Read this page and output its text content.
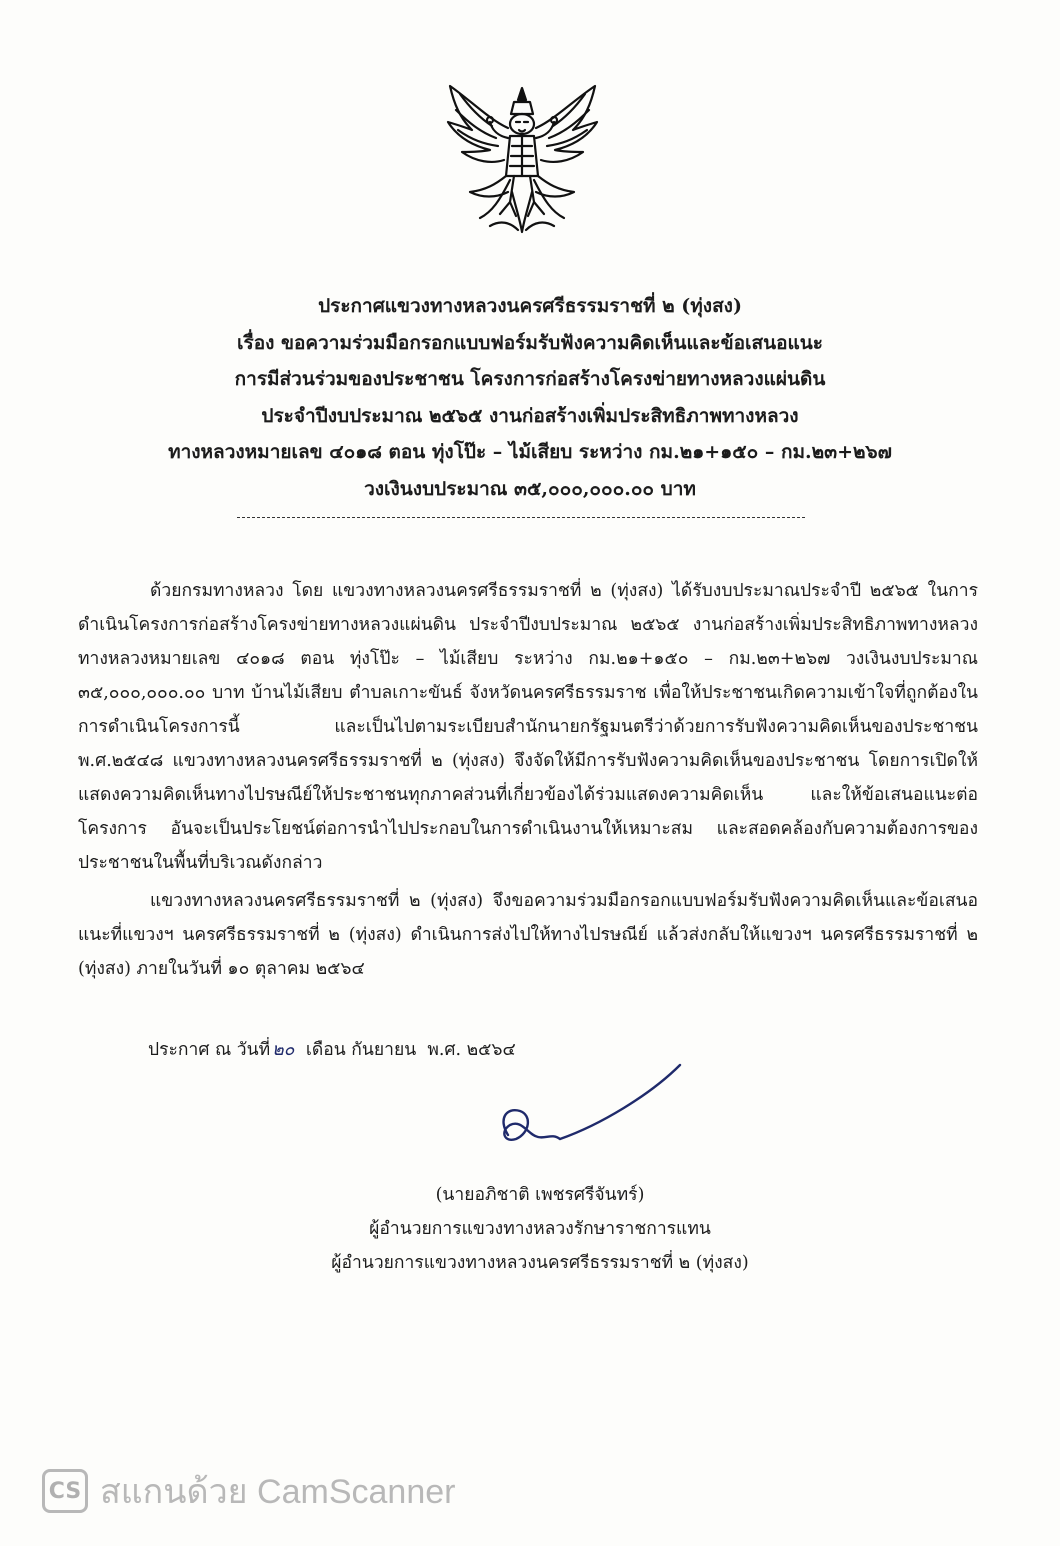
ประกาศแขวงทางหลวงนครศรีธรรมราชที่ ๒ (ทุ่งสง)
เรื่อง ขอความร่วมมือกรอกแบบฟอร์มรับฟังความคิดเห็นและข้อเสนอแนะ
การมีส่วนร่วมของประชาชน โครงการก่อสร้างโครงข่ายทางหลวงแผ่นดิน
ประจำปีงบประมาณ ๒๕๖๕ งานก่อสร้างเพิ่มประสิทธิภาพทางหลวง
ทางหลวงหมายเลข ๔๐๑๘ ตอน ทุ่งโป๊ะ – ไม้เสียบ ระหว่าง กม.๒๑+๑๕๐ – กม.๒๓+๒๖๗
วงเงินงบประมาณ ๓๕,๐๐๐,๐๐๐.๐๐ บาท

ด้วยกรมทางหลวง โดย แขวงทางหลวงนครศรีธรรมราชที่ ๒ (ทุ่งสง) ได้รับงบประมาณประจำปี ๒๕๖๕ ในการดำเนินโครงการก่อสร้างโครงข่ายทางหลวงแผ่นดิน ประจำปีงบประมาณ ๒๕๖๕ งานก่อสร้างเพิ่มประสิทธิภาพทางหลวง ทางหลวงหมายเลข ๔๐๑๘ ตอน ทุ่งโป๊ะ – ไม้เสียบ ระหว่าง กม.๒๑+๑๕๐ – กม.๒๓+๒๖๗ วงเงินงบประมาณ ๓๕,๐๐๐,๐๐๐.๐๐ บาท บ้านไม้เสียบ ตำบลเกาะขันธ์ จังหวัดนครศรีธรรมราช เพื่อให้ประชาชนเกิดความเข้าใจที่ถูกต้องในการดำเนินโครงการนี้ และเป็นไปตามระเบียบสำนักนายกรัฐมนตรีว่าด้วยการรับฟังความคิดเห็นของประชาชน พ.ศ.๒๕๔๘ แขวงทางหลวงนครศรีธรรมราชที่ ๒ (ทุ่งสง) จึงจัดให้มีการรับฟังความคิดเห็นของประชาชน โดยการเปิดให้แสดงความคิดเห็นทางไปรษณีย์ให้ประชาชนทุกภาคส่วนที่เกี่ยวข้องได้ร่วมแสดงความคิดเห็น และให้ข้อเสนอแนะต่อโครงการ อันจะเป็นประโยชน์ต่อการนำไปประกอบในการดำเนินงานให้เหมาะสม และสอดคล้องกับความต้องการของประชาชนในพื้นที่บริเวณดังกล่าว

แขวงทางหลวงนครศรีธรรมราชที่ ๒ (ทุ่งสง) จึงขอความร่วมมือกรอกแบบฟอร์มรับฟังความคิดเห็นและข้อเสนอแนะที่แขวงฯ นครศรีธรรมราชที่ ๒ (ทุ่งสง) ดำเนินการส่งไปให้ทางไปรษณีย์ แล้วส่งกลับให้แขวงฯ นครศรีธรรมราชที่ ๒ (ทุ่งสง) ภายในวันที่ ๑๐ ตุลาคม ๒๕๖๔

ประกาศ ณ วันที่ ๒๐ เดือน กันยายน พ.ศ. ๒๕๖๔
(นายอภิชาติ เพชรศรีจันทร์)
ผู้อำนวยการแขวงทางหลวงรักษาราชการแทน
ผู้อำนวยการแขวงทางหลวงนครศรีธรรมราชที่ ๒ (ทุ่งสง)
CS สแกนด้วย CamScanner
